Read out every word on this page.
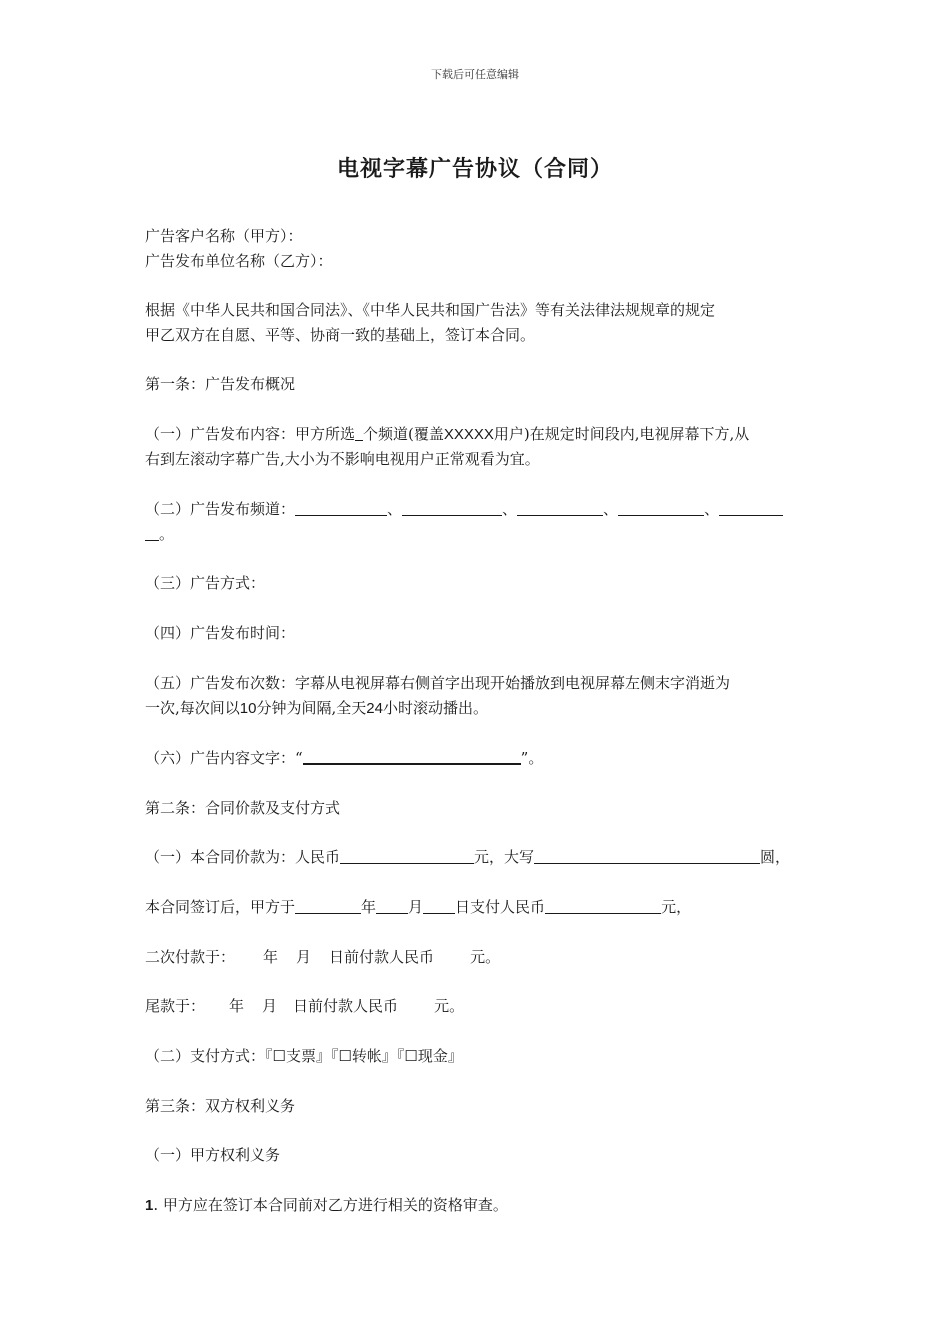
下载后可任意编辑
电视字幕广告协议（合同）
广告客户名称（甲方）：
广告发布单位名称（乙方）：
根据《中华人民共和国合同法》、《中华人民共和国广告法》等有关法律法规规章的规定
甲乙双方在自愿、平等、协商一致的基础上，签订本合同。
第一条：广告发布概况
（一）广告发布内容：甲方所选 个频道(覆盖XXXXX用户)在规定时间段内,电视屏幕下方,从
右到左滚动字幕广告,大小为不影响电视用户正常观看为宜。
（二）广告发布频道：	、	、	、	、
。
（三）广告方式：
（四）广告发布时间：
（五）广告发布次数：字幕从电视屏幕右侧首字出现开始播放到电视屏幕左侧末字消逝为
一次,每次间以10分钟为间隔,全天24小时滚动播出。
（六）广告内容文字：“	”。
第二条：合同价款及支付方式
（一）本合同价款为：人民币	元，大写	圆，
本合同签订后，甲方于	年 月 日支付人民币	元，
二次付款于： 年 月 日前付款人民币 元。
尾款于： 年 月 日前付款人民币 元。
（二）支付方式：『☐支票』『☐转帐』『☐现金』
第三条：双方权利义务
（一）甲方权利义务
1. 甲方应在签订本合同前对乙方进行相关的资格审查。
